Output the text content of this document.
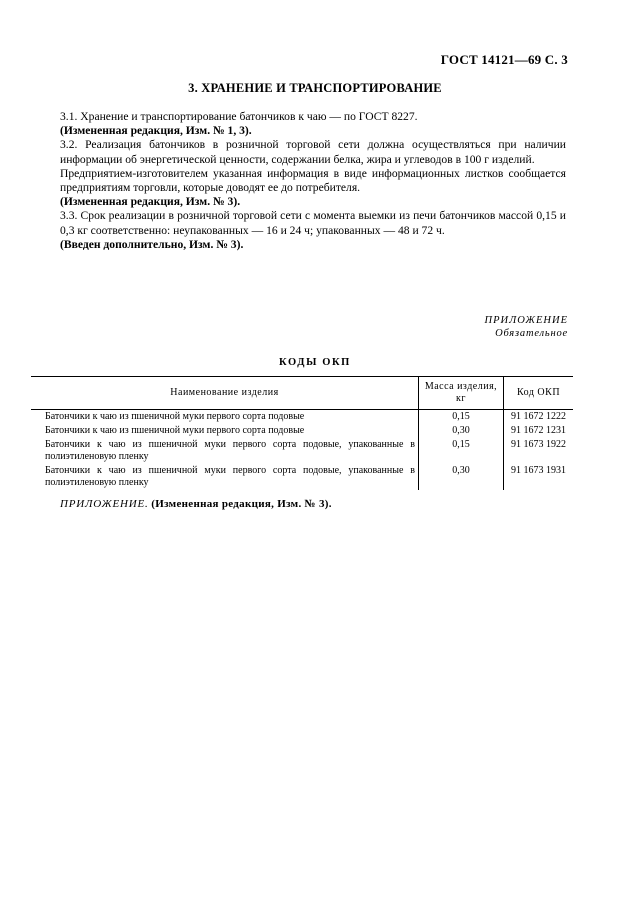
ГОСТ 14121—69 С. 3
3. ХРАНЕНИЕ И ТРАНСПОРТИРОВАНИЕ

3.1. Хранение и транспортирование батончиков к чаю — по ГОСТ 8227.

(Измененная редакция, Изм. № 1, 3).

3.2. Реализация батончиков в розничной торговой сети должна осуществляться при наличии информации об энергетической ценности, содержании белка, жира и углеводов в 100 г изделий.

Предприятием-изготовителем указанная информация в виде информационных листков сообщается предприятиям торговли, которые доводят ее до потребителя.

(Измененная редакция, Изм. № 3).

3.3. Срок реализации в розничной торговой сети с момента выемки из печи батончиков массой 0,15 и 0,3 кг соответственно: неупакованных — 16 и 24 ч; упакованных — 48 и 72 ч.

(Введен дополнительно, Изм. № 3).

ПРИЛОЖЕНИЕ
Обязательное
КОДЫ ОКП
Наименование изделия	Масса изделия, кг	Код ОКП
Батончики к чаю из пшеничной муки первого сорта подовые	0,15	91 1672 1222
Батончики к чаю из пшеничной муки первого сорта подовые	0,30	91 1672 1231
Батончики к чаю из пшеничной муки первого сорта подовые, упакованные в полиэтиленовую пленку	0,15	91 1673 1922
Батончики к чаю из пшеничной муки первого сорта подовые, упакованные в полиэтиленовую пленку	0,30	91 1673 1931
ПРИЛОЖЕНИЕ. (Измененная редакция, Изм. № 3).
